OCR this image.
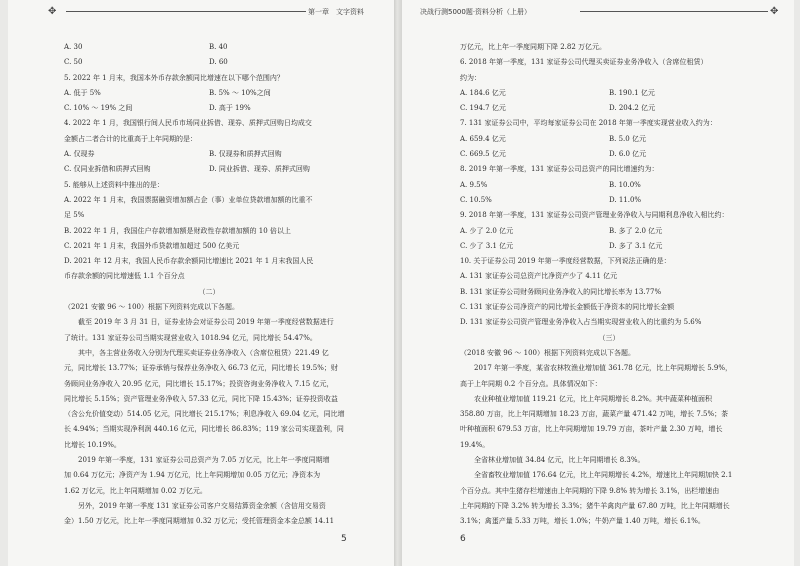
✥	第一章　文字资料
A. 30	B. 40
C. 50	D. 60
5. 2022 年 1 月末，我国本外币存款余额同比增速在以下哪个范围内？
A. 低于 5%	B. 5% ～ 10%之间
C. 10% ～ 19% 之间	D. 高于 19%
4. 2022 年 1 月，我国银行间人民币市场同业拆借、现券、质押式回购日均成交
金额占二者合计的比重高于上年同期的是：
A. 仅现券	B. 仅现券和质押式回购
C. 仅同业拆借和质押式回购	D. 同业拆借、现券、质押式回购
5. 能够从上述资料中推出的是：
A. 2022 年 1 月末，我国票据融资增加额占企（事）业单位贷款增加额的比重不
足 5%
B. 2022 年 1 月，我国住户存款增加额是财政性存款增加额的 10 倍以上
C. 2021 年 1 月末，我国外币贷款增加超过 500 亿美元
D. 2021 年 12 月末，我国人民币存款余额同比增速比 2021 年 1 月末我国人民
币存款余额的同比增速低 1.1 个百分点
（二）
（2021 安徽 96 ～ 100）根据下列资料完成以下各题。
截至 2019 年 3 月 31 日，证券业协会对证券公司 2019 年第一季度经营数据进行
了统计。131 家证券公司当期实现营业收入 1018.94 亿元，同比增长 54.47%。
其中，各主营业务收入分别为代理买卖证券业务净收入（含席位租赁）221.49 亿
元，同比增长 13.77%；证券承销与保荐业务净收入 66.73 亿元，同比增长 19.5%；财
务顾问业务净收入 20.95 亿元，同比增长 15.17%；投资咨询业务净收入 7.15 亿元，
同比增长 5.15%；资产管理业务净收入 57.33 亿元，同比下降 15.43%；证券投资收益
（含公允价值变动）514.05 亿元，同比增长 215.17%；利息净收入 69.04 亿元，同比增
长 4.94%；当期实现净利润 440.16 亿元，同比增长 86.83%；119 家公司实现盈利，同
比增长 10.19%。
2019 年第一季度，131 家证券公司总资产为 7.05 万亿元，比上年一季度同期增
加 0.64 万亿元；净资产为 1.94 万亿元，比上年同期增加 0.05 万亿元；净资本为
1.62 万亿元，比上年同期增加 0.02 万亿元。
另外，2019 年第一季度 131 家证券公司客户交易结算资金余额（含信用交易资
金）1.50 万亿元，比上年一季度同期增加 0.32 万亿元；受托管理资金本金总额 14.11
5
决战行测5000题·资料分析（上册）	✥
万亿元，比上年一季度同期下降 2.82 万亿元。
6. 2018 年第一季度，131 家证券公司代理买卖证券业务净收入（含席位租赁）
约为：
A. 184.6 亿元	B. 190.1 亿元
C. 194.7 亿元	D. 204.2 亿元
7. 131 家证券公司中，平均每家证券公司在 2018 年第一季度实现营业收入约为：
A. 659.4 亿元	B. 5.0 亿元
C. 669.5 亿元	D. 6.0 亿元
8. 2019 年第一季度，131 家证券公司总资产的同比增速约为：
A. 9.5%	B. 10.0%
C. 10.5%	D. 11.0%
9. 2018 年第一季度，131 家证券公司资产管理业务净收入与同期利息净收入相比约：
A. 少了 2.0 亿元	B. 多了 2.0 亿元
C. 少了 3.1 亿元	D. 多了 3.1 亿元
10. 关于证券公司 2019 年第一季度经营数据，下列说法正确的是：
A. 131 家证券公司总资产比净资产少了 4.11 亿元
B. 131 家证券公司财务顾问业务净收入的同比增长率为 13.77%
C. 131 家证券公司净资产的同比增长金额低于净资本的同比增长金额
D. 131 家证券公司资产管理业务净收入占当期实现营业收入的比重约为 5.6%
（三）
（2018 安徽 96 ～ 100）根据下列资料完成以下各题。
2017 年第一季度，某省农林牧渔业增加值 361.78 亿元，比上年同期增长 5.9%，
高于上年同期 0.2 个百分点。具体情况如下：
农业种植业增加值 119.21 亿元，比上年同期增长 8.2%。其中蔬菜种植面积
358.80 万亩，比上年同期增加 18.23 万亩，蔬菜产量 471.42 万吨，增长 7.5%；茶
叶种植面积 679.53 万亩，比上年同期增加 19.79 万亩，茶叶产量 2.30 万吨，增长
19.4%。
全省林业增加值 34.84 亿元，比上年同期增长 8.3%。
全省畜牧业增加值 176.64 亿元，比上年同期增长 4.2%，增速比上年同期加快 2.1
个百分点。其中生猪存栏增速由上年同期的下降 9.8% 转为增长 3.1%，出栏增速由
上年同期的下降 3.2% 转为增长 3.3%；猪牛羊禽肉产量 67.80 万吨，比上年同期增长
3.1%；禽蛋产量 5.33 万吨，增长 1.0%；牛奶产量 1.40 万吨，增长 6.1%。
6
